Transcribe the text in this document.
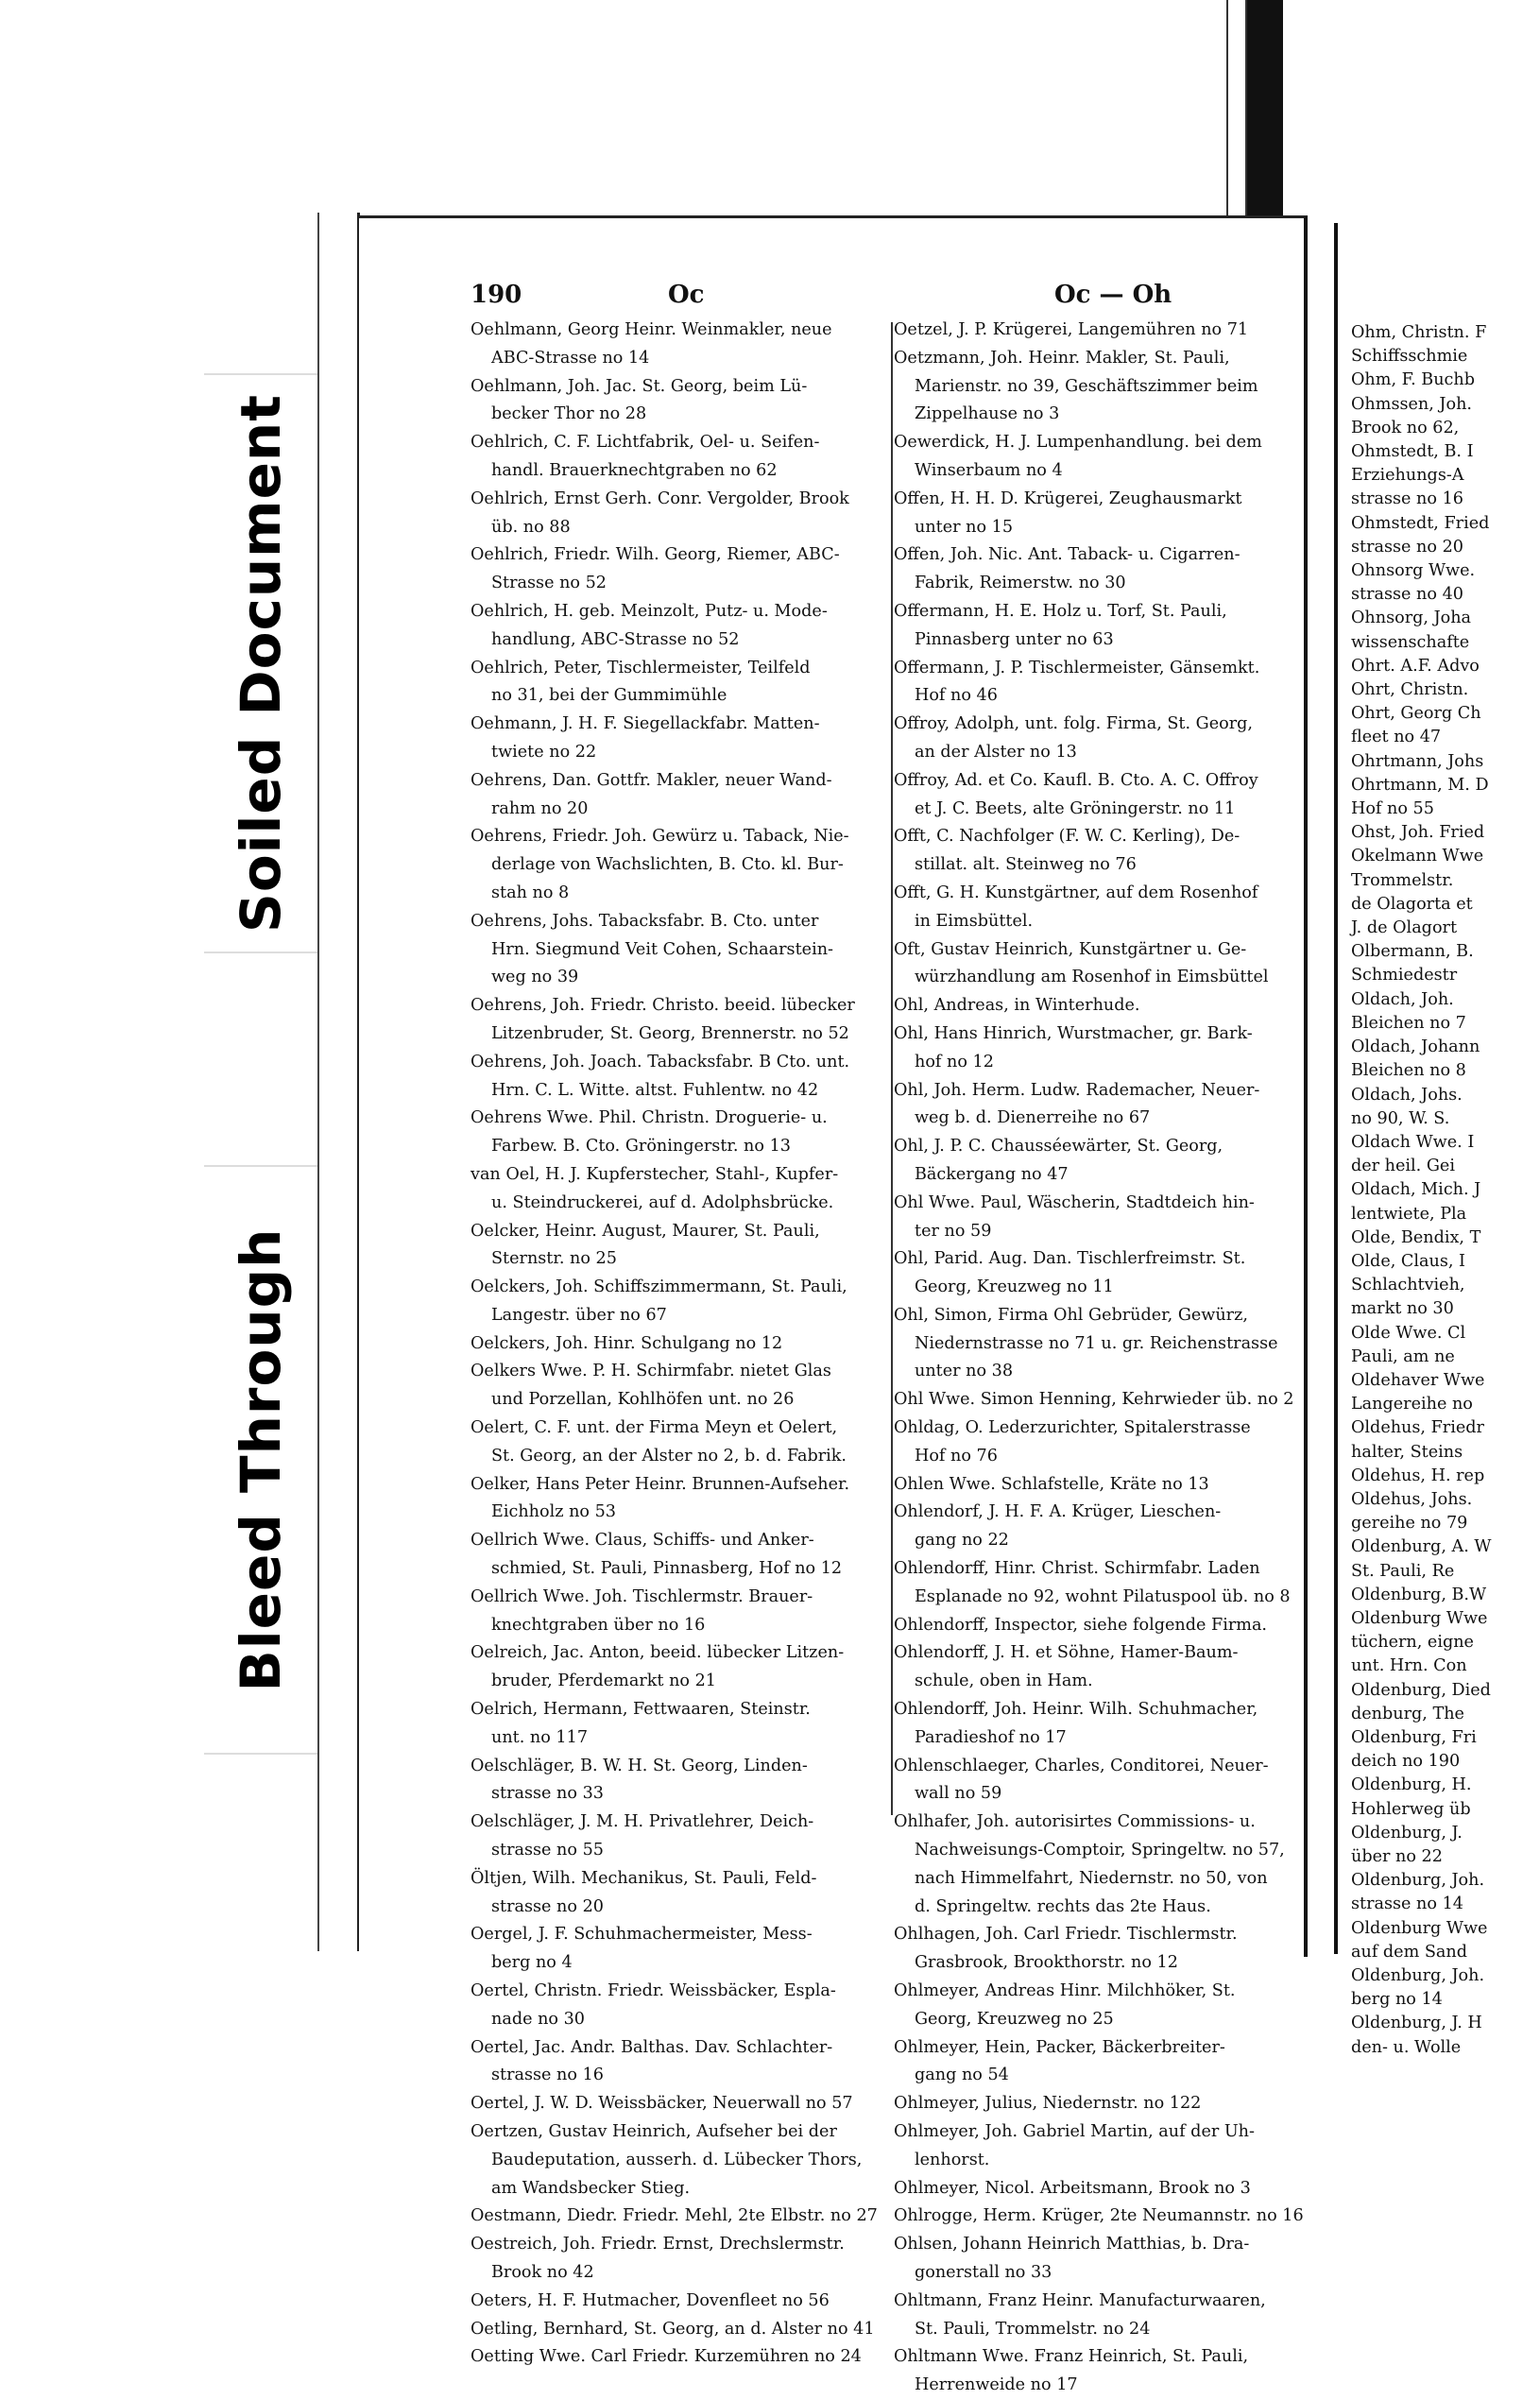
Soiled Document
Bleed Through
190	Oc	Oc — Oh
Oehlmann, Georg Heinr. Weinmakler, neue
ABC-Strasse no 14
Oehlmann, Joh. Jac. St. Georg, beim Lü-
becker Thor no 28
Oehlrich, C. F. Lichtfabrik, Oel- u. Seifen-
handl. Brauerknechtgraben no 62
Oehlrich, Ernst Gerh. Conr. Vergolder, Brook
üb. no 88
Oehlrich, Friedr. Wilh. Georg, Riemer, ABC-
Strasse no 52
Oehlrich, H. geb. Meinzolt, Putz- u. Mode-
handlung, ABC-Strasse no 52
Oehlrich, Peter, Tischlermeister, Teilfeld
no 31, bei der Gummimühle
Oehmann, J. H. F. Siegellackfabr. Matten-
twiete no 22
Oehrens, Dan. Gottfr. Makler, neuer Wand-
rahm no 20
Oehrens, Friedr. Joh. Gewürz u. Taback, Nie-
derlage von Wachslichten, B. Cto. kl. Bur-
stah no 8
Oehrens, Johs. Tabacksfabr. B. Cto. unter
Hrn. Siegmund Veit Cohen, Schaarstein-
weg no 39
Oehrens, Joh. Friedr. Christo. beeid. lübecker
Litzenbruder, St. Georg, Brennerstr. no 52
Oehrens, Joh. Joach. Tabacksfabr. B Cto. unt.
Hrn. C. L. Witte. altst. Fuhlentw. no 42
Oehrens Wwe. Phil. Christn. Droguerie- u.
Farbew. B. Cto. Gröningerstr. no 13
van Oel, H. J. Kupferstecher, Stahl-, Kupfer-
u. Steindruckerei, auf d. Adolphsbrücke.
Oelcker, Heinr. August, Maurer, St. Pauli,
Sternstr. no 25
Oelckers, Joh. Schiffszimmermann, St. Pauli,
Langestr. über no 67
Oelckers, Joh. Hinr. Schulgang no 12
Oelkers Wwe. P. H. Schirmfabr. nietet Glas
und Porzellan, Kohlhöfen unt. no 26
Oelert, C. F. unt. der Firma Meyn et Oelert,
St. Georg, an der Alster no 2, b. d. Fabrik.
Oelker, Hans Peter Heinr. Brunnen-Aufseher.
Eichholz no 53
Oellrich Wwe. Claus, Schiffs- und Anker-
schmied, St. Pauli, Pinnasberg, Hof no 12
Oellrich Wwe. Joh. Tischlermstr. Brauer-
knechtgraben über no 16
Oelreich, Jac. Anton, beeid. lübecker Litzen-
bruder, Pferdemarkt no 21
Oelrich, Hermann, Fettwaaren, Steinstr.
unt. no 117
Oelschläger, B. W. H. St. Georg, Linden-
strasse no 33
Oelschläger, J. M. H. Privatlehrer, Deich-
strasse no 55
Öltjen, Wilh. Mechanikus, St. Pauli, Feld-
strasse no 20
Oergel, J. F. Schuhmachermeister, Mess-
berg no 4
Oertel, Christn. Friedr. Weissbäcker, Espla-
nade no 30
Oertel, Jac. Andr. Balthas. Dav. Schlachter-
strasse no 16
Oertel, J. W. D. Weissbäcker, Neuerwall no 57
Oertzen, Gustav Heinrich, Aufseher bei der
Baudeputation, ausserh. d. Lübecker Thors,
am Wandsbecker Stieg.
Oestmann, Diedr. Friedr. Mehl, 2te Elbstr. no 27
Oestreich, Joh. Friedr. Ernst, Drechslermstr.
Brook no 42
Oeters, H. F. Hutmacher, Dovenfleet no 56
Oetling, Bernhard, St. Georg, an d. Alster no 41
Oetting Wwe. Carl Friedr. Kurzemühren no 24
Oetzel, J. P. Krügerei, Langemühren no 71
Oetzmann, Joh. Heinr. Makler, St. Pauli,
Marienstr. no 39, Geschäftszimmer beim
Zippelhause no 3
Oewerdick, H. J. Lumpenhandlung. bei dem
Winserbaum no 4
Offen, H. H. D. Krügerei, Zeughausmarkt
unter no 15
Offen, Joh. Nic. Ant. Taback- u. Cigarren-
Fabrik, Reimerstw. no 30
Offermann, H. E. Holz u. Torf, St. Pauli,
Pinnasberg unter no 63
Offermann, J. P. Tischlermeister, Gänsemkt.
Hof no 46
Offroy, Adolph, unt. folg. Firma, St. Georg,
an der Alster no 13
Offroy, Ad. et Co. Kaufl. B. Cto. A. C. Offroy
et J. C. Beets, alte Gröningerstr. no 11
Offt, C. Nachfolger (F. W. C. Kerling), De-
stillat. alt. Steinweg no 76
Offt, G. H. Kunstgärtner, auf dem Rosenhof
in Eimsbüttel.
Oft, Gustav Heinrich, Kunstgärtner u. Ge-
würzhandlung am Rosenhof in Eimsbüttel
Ohl, Andreas, in Winterhude.
Ohl, Hans Hinrich, Wurstmacher, gr. Bark-
hof no 12
Ohl, Joh. Herm. Ludw. Rademacher, Neuer-
weg b. d. Dienerreihe no 67
Ohl, J. P. C. Chausséewärter, St. Georg,
Bäckergang no 47
Ohl Wwe. Paul, Wäscherin, Stadtdeich hin-
ter no 59
Ohl, Parid. Aug. Dan. Tischlerfreimstr. St.
Georg, Kreuzweg no 11
Ohl, Simon, Firma Ohl Gebrüder, Gewürz,
Niedernstrasse no 71 u. gr. Reichenstrasse
unter no 38
Ohl Wwe. Simon Henning, Kehrwieder üb. no 2
Ohldag, O. Lederzurichter, Spitalerstrasse
Hof no 76
Ohlen Wwe. Schlafstelle, Kräte no 13
Ohlendorf, J. H. F. A. Krüger, Lieschen-
gang no 22
Ohlendorff, Hinr. Christ. Schirmfabr. Laden
Esplanade no 92, wohnt Pilatuspool üb. no 8
Ohlendorff, Inspector, siehe folgende Firma.
Ohlendorff, J. H. et Söhne, Hamer-Baum-
schule, oben in Ham.
Ohlendorff, Joh. Heinr. Wilh. Schuhmacher,
Paradieshof no 17
Ohlenschlaeger, Charles, Conditorei, Neuer-
wall no 59
Ohlhafer, Joh. autorisirtes Commissions- u.
Nachweisungs-Comptoir, Springeltw. no 57,
nach Himmelfahrt, Niedernstr. no 50, von
d. Springeltw. rechts das 2te Haus.
Ohlhagen, Joh. Carl Friedr. Tischlermstr.
Grasbrook, Brookthorstr. no 12
Ohlmeyer, Andreas Hinr. Milchhöker, St.
Georg, Kreuzweg no 25
Ohlmeyer, Hein, Packer, Bäckerbreiter-
gang no 54
Ohlmeyer, Julius, Niedernstr. no 122
Ohlmeyer, Joh. Gabriel Martin, auf der Uh-
lenhorst.
Ohlmeyer, Nicol. Arbeitsmann, Brook no 3
Ohlrogge, Herm. Krüger, 2te Neumannstr. no 16
Ohlsen, Johann Heinrich Matthias, b. Dra-
gonerstall no 33
Ohltmann, Franz Heinr. Manufacturwaaren,
St. Pauli, Trommelstr. no 24
Ohltmann Wwe. Franz Heinrich, St. Pauli,
Herrenweide no 17
Ohm, Christn. F
Schiffsschmie
Ohm, F. Buchb
Ohmssen, Joh.
Brook no 62,
Ohmstedt, B. I
Erziehungs-A
strasse no 16
Ohmstedt, Fried
strasse no 20
Ohnsorg Wwe.
strasse no 40
Ohnsorg, Joha
wissenschafte
Ohrt. A.F. Advo
Ohrt, Christn.
Ohrt, Georg Ch
fleet no 47
Ohrtmann, Johs
Ohrtmann, M. D
Hof no 55
Ohst, Joh. Fried
Okelmann Wwe
Trommelstr.
de Olagorta et
J. de Olagort
Olbermann, B.
Schmiedestr
Oldach, Joh.
Bleichen no 7
Oldach, Johann
Bleichen no 8
Oldach, Johs.
no 90, W. S.
Oldach Wwe. I
der heil. Gei
Oldach, Mich. J
lentwiete, Pla
Olde, Bendix, T
Olde, Claus, I
Schlachtvieh,
markt no 30
Olde Wwe. Cl
Pauli, am ne
Oldehaver Wwe
Langereihe no
Oldehus, Friedr
halter, Steins
Oldehus, H. rep
Oldehus, Johs.
gereihe no 79
Oldenburg, A. W
St. Pauli, Re
Oldenburg, B.W
Oldenburg Wwe
tüchern, eigne
unt. Hrn. Con
Oldenburg, Died
denburg, The
Oldenburg, Fri
deich no 190
Oldenburg, H.
Hohlerweg üb
Oldenburg, J.
über no 22
Oldenburg, Joh.
strasse no 14
Oldenburg Wwe
auf dem Sand
Oldenburg, Joh.
berg no 14
Oldenburg, J. H
den- u. Wolle
